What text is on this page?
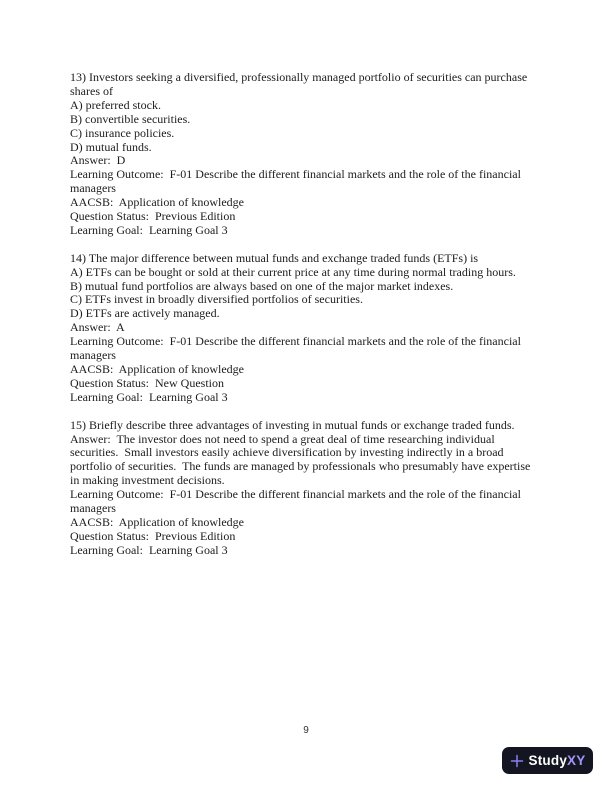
13) Investors seeking a diversified, professionally managed portfolio of securities can purchase
shares of
A) preferred stock.
B) convertible securities.
C) insurance policies.
D) mutual funds.
Answer:  D
Learning Outcome:  F-01 Describe the different financial markets and the role of the financial
managers
AACSB:  Application of knowledge
Question Status:  Previous Edition
Learning Goal:  Learning Goal 3
14) The major difference between mutual funds and exchange traded funds (ETFs) is
A) ETFs can be bought or sold at their current price at any time during normal trading hours.
B) mutual fund portfolios are always based on one of the major market indexes.
C) ETFs invest in broadly diversified portfolios of securities.
D) ETFs are actively managed.
Answer:  A
Learning Outcome:  F-01 Describe the different financial markets and the role of the financial
managers
AACSB:  Application of knowledge
Question Status:  New Question
Learning Goal:  Learning Goal 3
15) Briefly describe three advantages of investing in mutual funds or exchange traded funds.
Answer:  The investor does not need to spend a great deal of time researching individual
securities.  Small investors easily achieve diversification by investing indirectly in a broad
portfolio of securities.  The funds are managed by professionals who presumably have expertise
in making investment decisions.
Learning Outcome:  F-01 Describe the different financial markets and the role of the financial
managers
AACSB:  Application of knowledge
Question Status:  Previous Edition
Learning Goal:  Learning Goal 3
9
StudyXY
